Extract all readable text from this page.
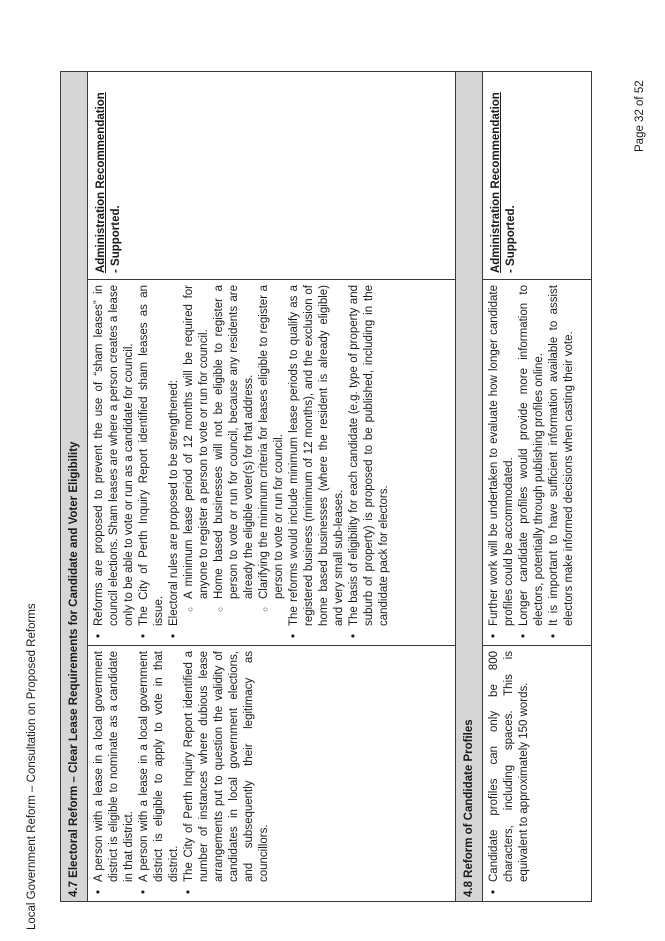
Local Government Reform – Consultation on Proposed Reforms
Page 32 of 52
4.7 Electoral Reform – Clear Lease Requirements for Candidate and Voter Eligibility	• A person with a lease in a local government district is eligible to nominate as a candidate in that district. • A person with a lease in a local government district is eligible to apply to vote in that district. • The City of Perth Inquiry Report identified a number of instances where dubious lease arrangements put to question the validity of candidates in local government elections, and subsequently their legitimacy as councillors.
• Reforms are proposed to prevent the use of “sham leases” in council elections. Sham leases are where a person creates a lease only to be able to vote or run as a candidate for council. • The City of Perth Inquiry Report identified sham leases as an issue. • Electoral rules are proposed to be strengthened: ○ A minimum lease period of 12 months will be required for anyone to register a person to vote or run for council. ○ Home based businesses will not be eligible to register a person to vote or run for council, because any residents are already the eligible voter(s) for that address. ○ Clarifying the minimum criteria for leases eligible to register a person to vote or run for council. • The reforms would include minimum lease periods to qualify as a registered business (minimum of 12 months), and the exclusion of home based businesses (where the resident is already eligible) and very small sub-leases. • The basis of eligibility for each candidate (e.g. type of property and suburb of property) is proposed to be published, including in the candidate pack for electors.
Administration Recommendation - Supported.
4.8 Reform of Candidate Profiles	• Candidate profiles can only be 800 characters, including spaces. This is equivalent to approximately 150 words.
• Further work will be undertaken to evaluate how longer candidate profiles could be accommodated. • Longer candidate profiles would provide more information to electors, potentially through publishing profiles online. • It is important to have sufficient information available to assist electors make informed decisions when casting their vote.
Administration Recommendation - Supported.
